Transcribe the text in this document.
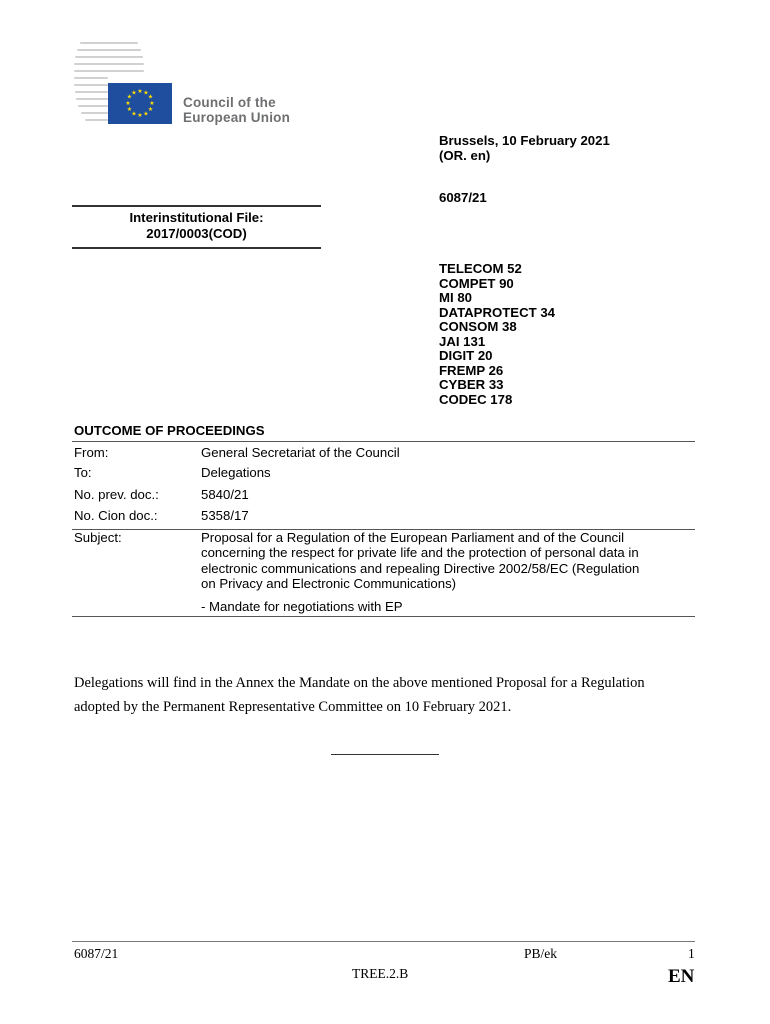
★ ★
★
★
★
★
★
★
★
★
★
★
Council of the
European Union
Brussels, 10 February 2021
(OR. en)
6087/21
Interinstitutional File:
2017/0003(COD)
TELECOM 52
COMPET 90
MI 80
DATAPROTECT 34
CONSOM 38
JAI 131
DIGIT 20
FREMP 26
CYBER 33
CODEC 178
OUTCOME OF PROCEEDINGS
From:	General Secretariat of the Council
To:	Delegations
No. prev. doc.:	5840/21
No. Cion doc.:	5358/17
Subject:	Proposal for a Regulation of the European Parliament and of the Council
concerning the respect for private life and the protection of personal data in
electronic communications and repealing Directive 2002/58/EC (Regulation
on Privacy and Electronic Communications)
- Mandate for negotiations with EP
Delegations will find in the Annex the Mandate on the above mentioned Proposal for a Regulation
adopted by the Permanent Representative Committee on 10 February 2021.
6087/21	PB/ek	1
TREE.2.B	EN
